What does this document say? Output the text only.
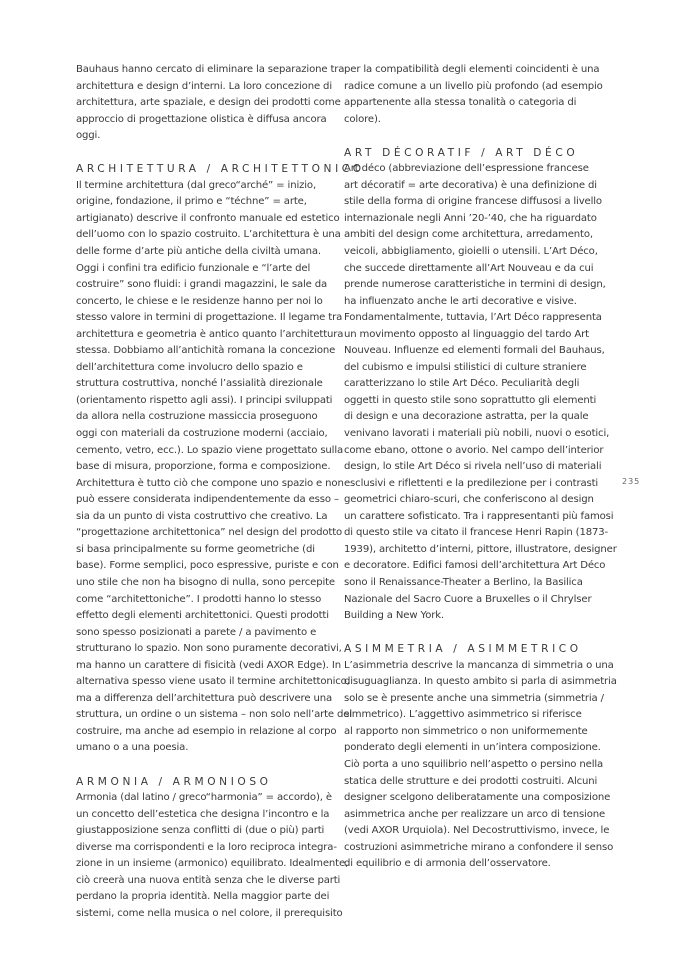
Bauhaus hanno cercato di eliminare la separazione tra
architettura e design d’interni. La loro concezione di
architettura, arte spaziale, e design dei prodotti come
approccio di progettazione olistica è diffusa ancora
oggi.
ARCHITETTURA / ARCHITETTONICO
Il termine architettura (dal greco“arché” = inizio,
origine, fondazione, il primo e “téchne” = arte,
artigianato) descrive il confronto manuale ed estetico
dell’uomo con lo spazio costruito. L’architettura è una
delle forme d’arte più antiche della civiltà umana.
Oggi i confini tra edificio funzionale e “l’arte del
costruire” sono fluidi: i grandi magazzini, le sale da
concerto, le chiese e le residenze hanno per noi lo
stesso valore in termini di progettazione. Il legame tra
architettura e geometria è antico quanto l’architettura
stessa. Dobbiamo all’antichità romana la concezione
dell’architettura come involucro dello spazio e
struttura costruttiva, nonché l’assialità direzionale
(orientamento rispetto agli assi). I principi sviluppati
da allora nella costruzione massiccia proseguono
oggi con materiali da costruzione moderni (acciaio,
cemento, vetro, ecc.). Lo spazio viene progettato sulla
base di misura, proporzione, forma e composizione.
Architettura è tutto ciò che compone uno spazio e non
può essere considerata indipendentemente da esso –
sia da un punto di vista costruttivo che creativo. La
“progettazione architettonica” nel design del prodotto
si basa principalmente su forme geometriche (di
base). Forme semplici, poco espressive, puriste e con
uno stile che non ha bisogno di nulla, sono percepite
come “architettoniche”. I prodotti hanno lo stesso
effetto degli elementi architettonici. Questi prodotti
sono spesso posizionati a parete / a pavimento e
strutturano lo spazio. Non sono puramente decorativi,
ma hanno un carattere di fisicità (vedi AXOR Edge). In
alternativa spesso viene usato il termine architettonico,
ma a differenza dell’architettura può descrivere una
struttura, un ordine o un sistema – non solo nell’arte del
costruire, ma anche ad esempio in relazione al corpo
umano o a una poesia.
ARMONIA / ARMONIOSO
Armonia (dal latino / greco“harmonia” = accordo), è
un concetto dell’estetica che designa l’incontro e la
giustapposizione senza conflitti di (due o più) parti
diverse ma corrispondenti e la loro reciproca integra-
zione in un insieme (armonico) equilibrato. Idealmente,
ciò creerà una nuova entità senza che le diverse parti
perdano la propria identità. Nella maggior parte dei
sistemi, come nella musica o nel colore, il prerequisito
per la compatibilità degli elementi coincidenti è una
radice comune a un livello più profondo (ad esempio
appartenente alla stessa tonalità o categoria di
colore).
ART DÉCORATIF / ART DÉCO
Art déco (abbreviazione dell’espressione francese
art décoratif = arte decorativa) è una definizione di
stile della forma di origine francese diffusosi a livello
internazionale negli Anni ’20-’40, che ha riguardato
ambiti del design come architettura, arredamento,
veicoli, abbigliamento, gioielli o utensili. L’Art Déco,
che succede direttamente all’Art Nouveau e da cui
prende numerose caratteristiche in termini di design,
ha influenzato anche le arti decorative e visive.
Fondamentalmente, tuttavia, l’Art Déco rappresenta
un movimento opposto al linguaggio del tardo Art
Nouveau. Influenze ed elementi formali del Bauhaus,
del cubismo e impulsi stilistici di culture straniere
caratterizzano lo stile Art Déco. Peculiarità degli
oggetti in questo stile sono soprattutto gli elementi
di design e una decorazione astratta, per la quale
venivano lavorati i materiali più nobili, nuovi o esotici,
come ebano, ottone o avorio. Nel campo dell’interior
design, lo stile Art Déco si rivela nell’uso di materiali
esclusivi e riflettenti e la predilezione per i contrasti
geometrici chiaro-scuri, che conferiscono al design
un carattere sofisticato. Tra i rappresentanti più famosi
di questo stile va citato il francese Henri Rapin (1873-
1939), architetto d’interni, pittore, illustratore, designer
e decoratore. Edifici famosi dell’architettura Art Déco
sono il Renaissance-Theater a Berlino, la Basilica
Nazionale del Sacro Cuore a Bruxelles o il Chrylser
Building a New York.
ASIMMETRIA / ASIMMETRICO
L’asimmetria descrive la mancanza di simmetria o una
disuguaglianza. In questo ambito si parla di asimmetria
solo se è presente anche una simmetria (simmetria /
simmetrico). L’aggettivo asimmetrico si riferisce
al rapporto non simmetrico o non uniformemente
ponderato degli elementi in un’intera composizione.
Ciò porta a uno squilibrio nell’aspetto o persino nella
statica delle strutture e dei prodotti costruiti. Alcuni
designer scelgono deliberatamente una composizione
asimmetrica anche per realizzare un arco di tensione
(vedi AXOR Urquiola). Nel Decostruttivismo, invece, le
costruzioni asimmetriche mirano a confondere il senso
di equilibrio e di armonia dell’osservatore.
235
